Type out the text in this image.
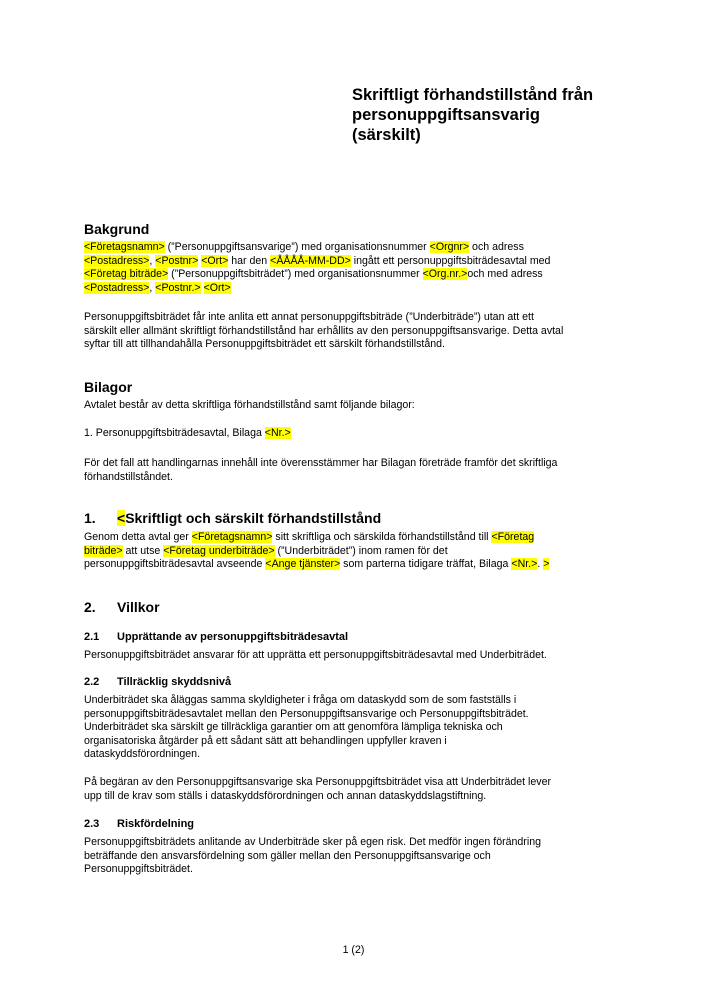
Skriftligt förhandstillstånd från
personuppgiftsansvarig
(särskilt)
Bakgrund
<Företagsnamn> (”Personuppgiftsansvarige”) med organisationsnummer <Orgnr> och adress
<Postadress>, <Postnr> <Ort> har den <ÅÅÅÅ-MM-DD> ingått ett personuppgiftsbiträdesavtal med
<Företag biträde> (”Personuppgiftsbiträdet”) med organisationsnummer <Org.nr.>och med adress
<Postadress>, <Postnr.> <Ort>
Personuppgiftsbiträdet får inte anlita ett annat personuppgiftsbiträde (”Underbiträde”) utan att ett
särskilt eller allmänt skriftligt förhandstillstånd har erhållits av den personuppgiftsansvarige. Detta avtal
syftar till att tillhandahålla Personuppgiftsbiträdet ett särskilt förhandstillstånd.
Bilagor
Avtalet består av detta skriftliga förhandstillstånd samt följande bilagor:
1. Personuppgiftsbiträdesavtal, Bilaga <Nr.>
För det fall att handlingarnas innehåll inte överensstämmer har Bilagan företräde framför det skriftliga
förhandstillståndet.
1. <Skriftligt och särskilt förhandstillstånd
Genom detta avtal ger <Företagsnamn> sitt skriftliga och särskilda förhandstillstånd till <Företag
biträde> att utse <Företag underbiträde> (”Underbiträdet”) inom ramen för det
personuppgiftsbiträdesavtal avseende <Ange tjänster> som parterna tidigare träffat, Bilaga <Nr.>. >
2. Villkor
2.1 Upprättande av personuppgiftsbiträdesavtal
Personuppgiftsbiträdet ansvarar för att upprätta ett personuppgiftsbiträdesavtal med Underbiträdet.
2.2 Tillräcklig skyddsnivå
Underbiträdet ska åläggas samma skyldigheter i fråga om dataskydd som de som fastställs i
personuppgiftsbiträdesavtalet mellan den Personuppgiftsansvarige och Personuppgiftsbiträdet.
Underbiträdet ska särskilt ge tillräckliga garantier om att genomföra lämpliga tekniska och
organisatoriska åtgärder på ett sådant sätt att behandlingen uppfyller kraven i
dataskyddsförordningen.
På begäran av den Personuppgiftsansvarige ska Personuppgiftsbiträdet visa att Underbiträdet lever
upp till de krav som ställs i dataskyddsförordningen och annan dataskyddslagstiftning.
2.3 Riskfördelning
Personuppgiftsbiträdets anlitande av Underbiträde sker på egen risk. Det medför ingen förändring
beträffande den ansvarsfördelning som gäller mellan den Personuppgiftsansvarige och
Personuppgiftsbiträdet.
1 (2)
